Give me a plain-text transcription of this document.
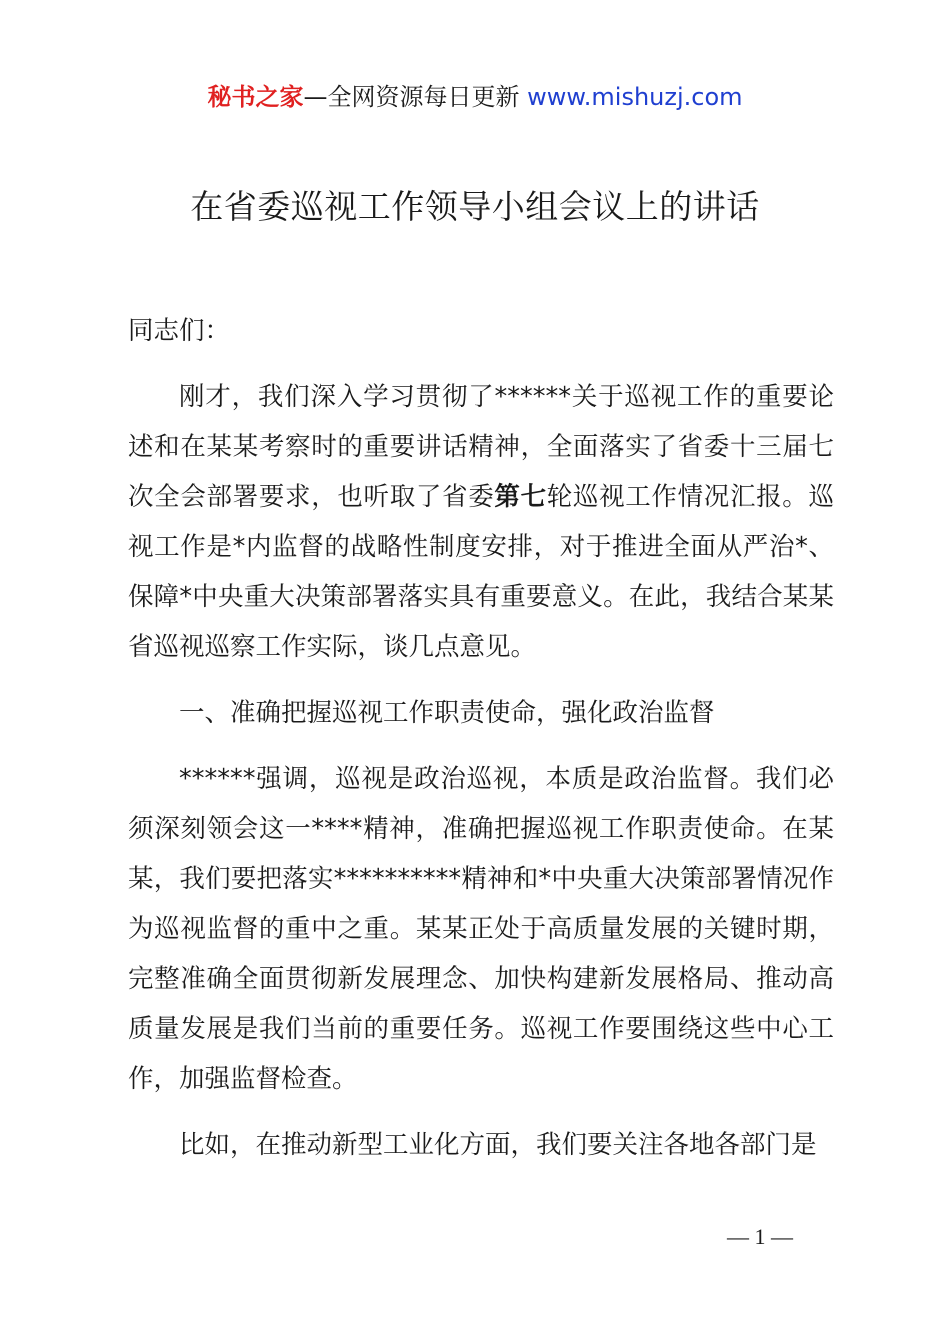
秘书之家—全网资源每日更新 www.mishuzj.com
在省委巡视工作领导小组会议上的讲话

同志们：

刚才，我们深入学习贯彻了******关于巡视工作的重要论述和在某某考察时的重要讲话精神，全面落实了省委十三届七次全会部署要求，也听取了省委第七轮巡视工作情况汇报。巡视工作是*内监督的战略性制度安排，对于推进全面从严治*、保障*中央重大决策部署落实具有重要意义。在此，我结合某某省巡视巡察工作实际，谈几点意见。

一、准确把握巡视工作职责使命，强化政治监督

******强调，巡视是政治巡视，本质是政治监督。我们必须深刻领会这一****精神，准确把握巡视工作职责使命。在某某，我们要把落实**********精神和*中央重大决策部署情况作为巡视监督的重中之重。某某正处于高质量发展的关键时期，完整准确全面贯彻新发展理念、加快构建新发展格局、推动高质量发展是我们当前的重要任务。巡视工作要围绕这些中心工作，加强监督检查。

比如，在推动新型工业化方面，我们要关注各地各部门是

— 1 —
